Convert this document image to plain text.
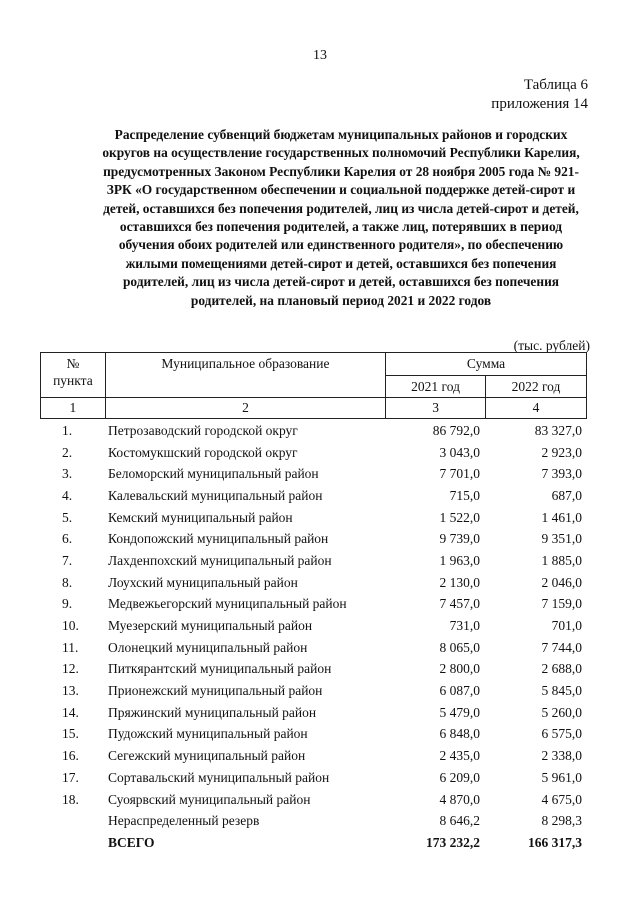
13
Таблица 6
приложения 14
Распределение субвенций бюджетам муниципальных районов и городских округов на осуществление государственных полномочий Республики Карелия, предусмотренных Законом Республики Карелия от 28 ноября 2005 года № 921-ЗРК «О государственном обеспечении и социальной поддержке детей-сирот и детей, оставшихся без попечения родителей, лиц из числа детей-сирот и детей, оставшихся без попечения родителей, а также лиц, потерявших в период обучения обоих родителей или единственного родителя», по обеспечению жилыми помещениями детей-сирот и детей, оставшихся без попечения родителей, лиц из числа детей-сирот и детей, оставшихся без попечения родителей, на плановый период 2021 и 2022 годов
(тыс. рублей)
№ пункта	Муниципальное образование	Сумма	
		2021 год	2022 год
1	2	3	4
1.	Петрозаводский городской округ	86 792,0	83 327,0
2.	Костомукшский городской округ	3 043,0	2 923,0
3.	Беломорский муниципальный район	7 701,0	7 393,0
4.	Калевальский муниципальный район	715,0	687,0
5.	Кемский муниципальный район	1 522,0	1 461,0
6.	Кондопожский муниципальный район	9 739,0	9 351,0
7.	Лахденпохский муниципальный район	1 963,0	1 885,0
8.	Лоухский муниципальный район	2 130,0	2 046,0
9.	Медвежьегорский муниципальный район	7 457,0	7 159,0
10.	Муезерский муниципальный район	731,0	701,0
11.	Олонецкий муниципальный район	8 065,0	7 744,0
12.	Питкярантский муниципальный район	2 800,0	2 688,0
13.	Прионежский муниципальный район	6 087,0	5 845,0
14.	Пряжинский муниципальный район	5 479,0	5 260,0
15.	Пудожский муниципальный район	6 848,0	6 575,0
16.	Сегежский муниципальный район	2 435,0	2 338,0
17.	Сортавальский муниципальный район	6 209,0	5 961,0
18.	Суоярвский муниципальный район	4 870,0	4 675,0
	Нераспределенный резерв	8 646,2	8 298,3
	ВСЕГО	173 232,2	166 317,3
